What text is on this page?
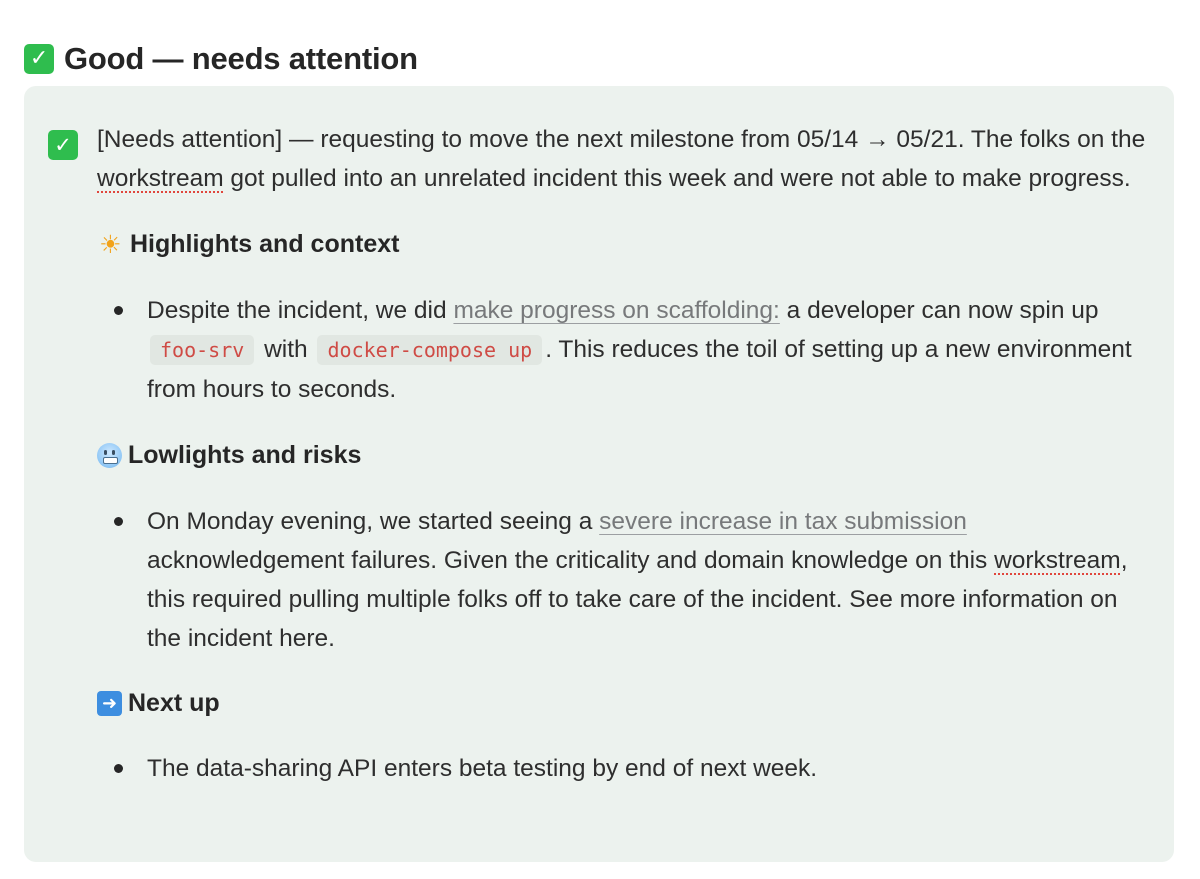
✓ Good — needs attention
✓ [Needs attention] — requesting to move the next milestone from 05/14 → 05/21. The folks on the workstream got pulled into an unrelated incident this week and were not able to make progress.

☀ Highlights and context
Despite the incident, we did make progress on scaffolding: a developer can now spin up foo-srv with docker-compose up . This reduces the toil of setting up a new environment from hours to seconds.
Lowlights and risks
On Monday evening, we started seeing a severe increase in tax submission acknowledgement failures. Given the criticality and domain knowledge on this workstream, this required pulling multiple folks off to take care of the incident. See more information on the incident here.
➜ Next up
The data-sharing API enters beta testing by end of next week.
